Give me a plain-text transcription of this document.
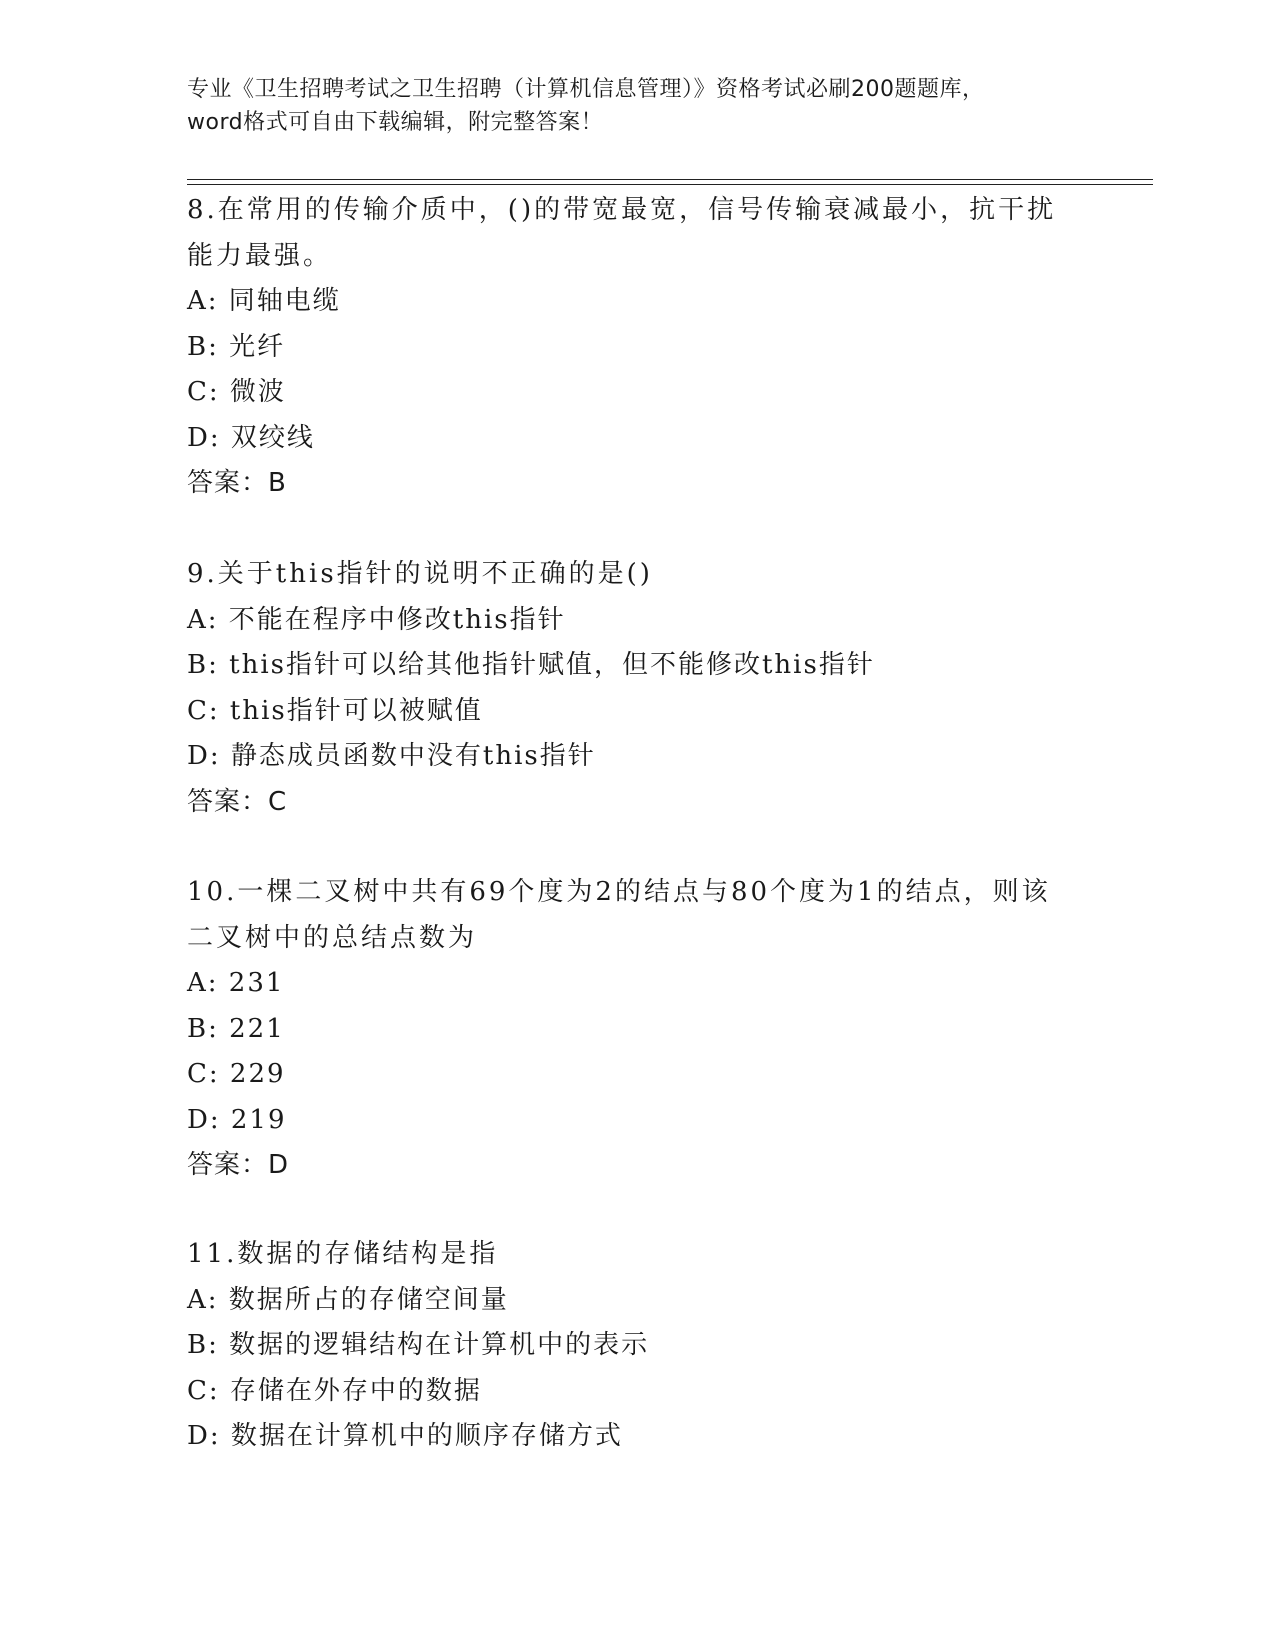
专业《卫生招聘考试之卫生招聘（计算机信息管理）》资格考试必刷200题题库，
word格式可自由下载编辑，附完整答案！
8.在常用的传输介质中，()的带宽最宽，信号传输衰减最小，抗干扰
能力最强。
A: 同轴电缆
B: 光纤
C: 微波
D: 双绞线
答案：B
9.关于this指针的说明不正确的是()
A: 不能在程序中修改this指针
B: this指针可以给其他指针赋值，但不能修改this指针
C: this指针可以被赋值
D: 静态成员函数中没有this指针
答案：C
10.一棵二叉树中共有69个度为2的结点与80个度为1的结点，则该
二叉树中的总结点数为
A: 231
B: 221
C: 229
D: 219
答案：D
11.数据的存储结构是指
A: 数据所占的存储空间量
B: 数据的逻辑结构在计算机中的表示
C: 存储在外存中的数据
D: 数据在计算机中的顺序存储方式
